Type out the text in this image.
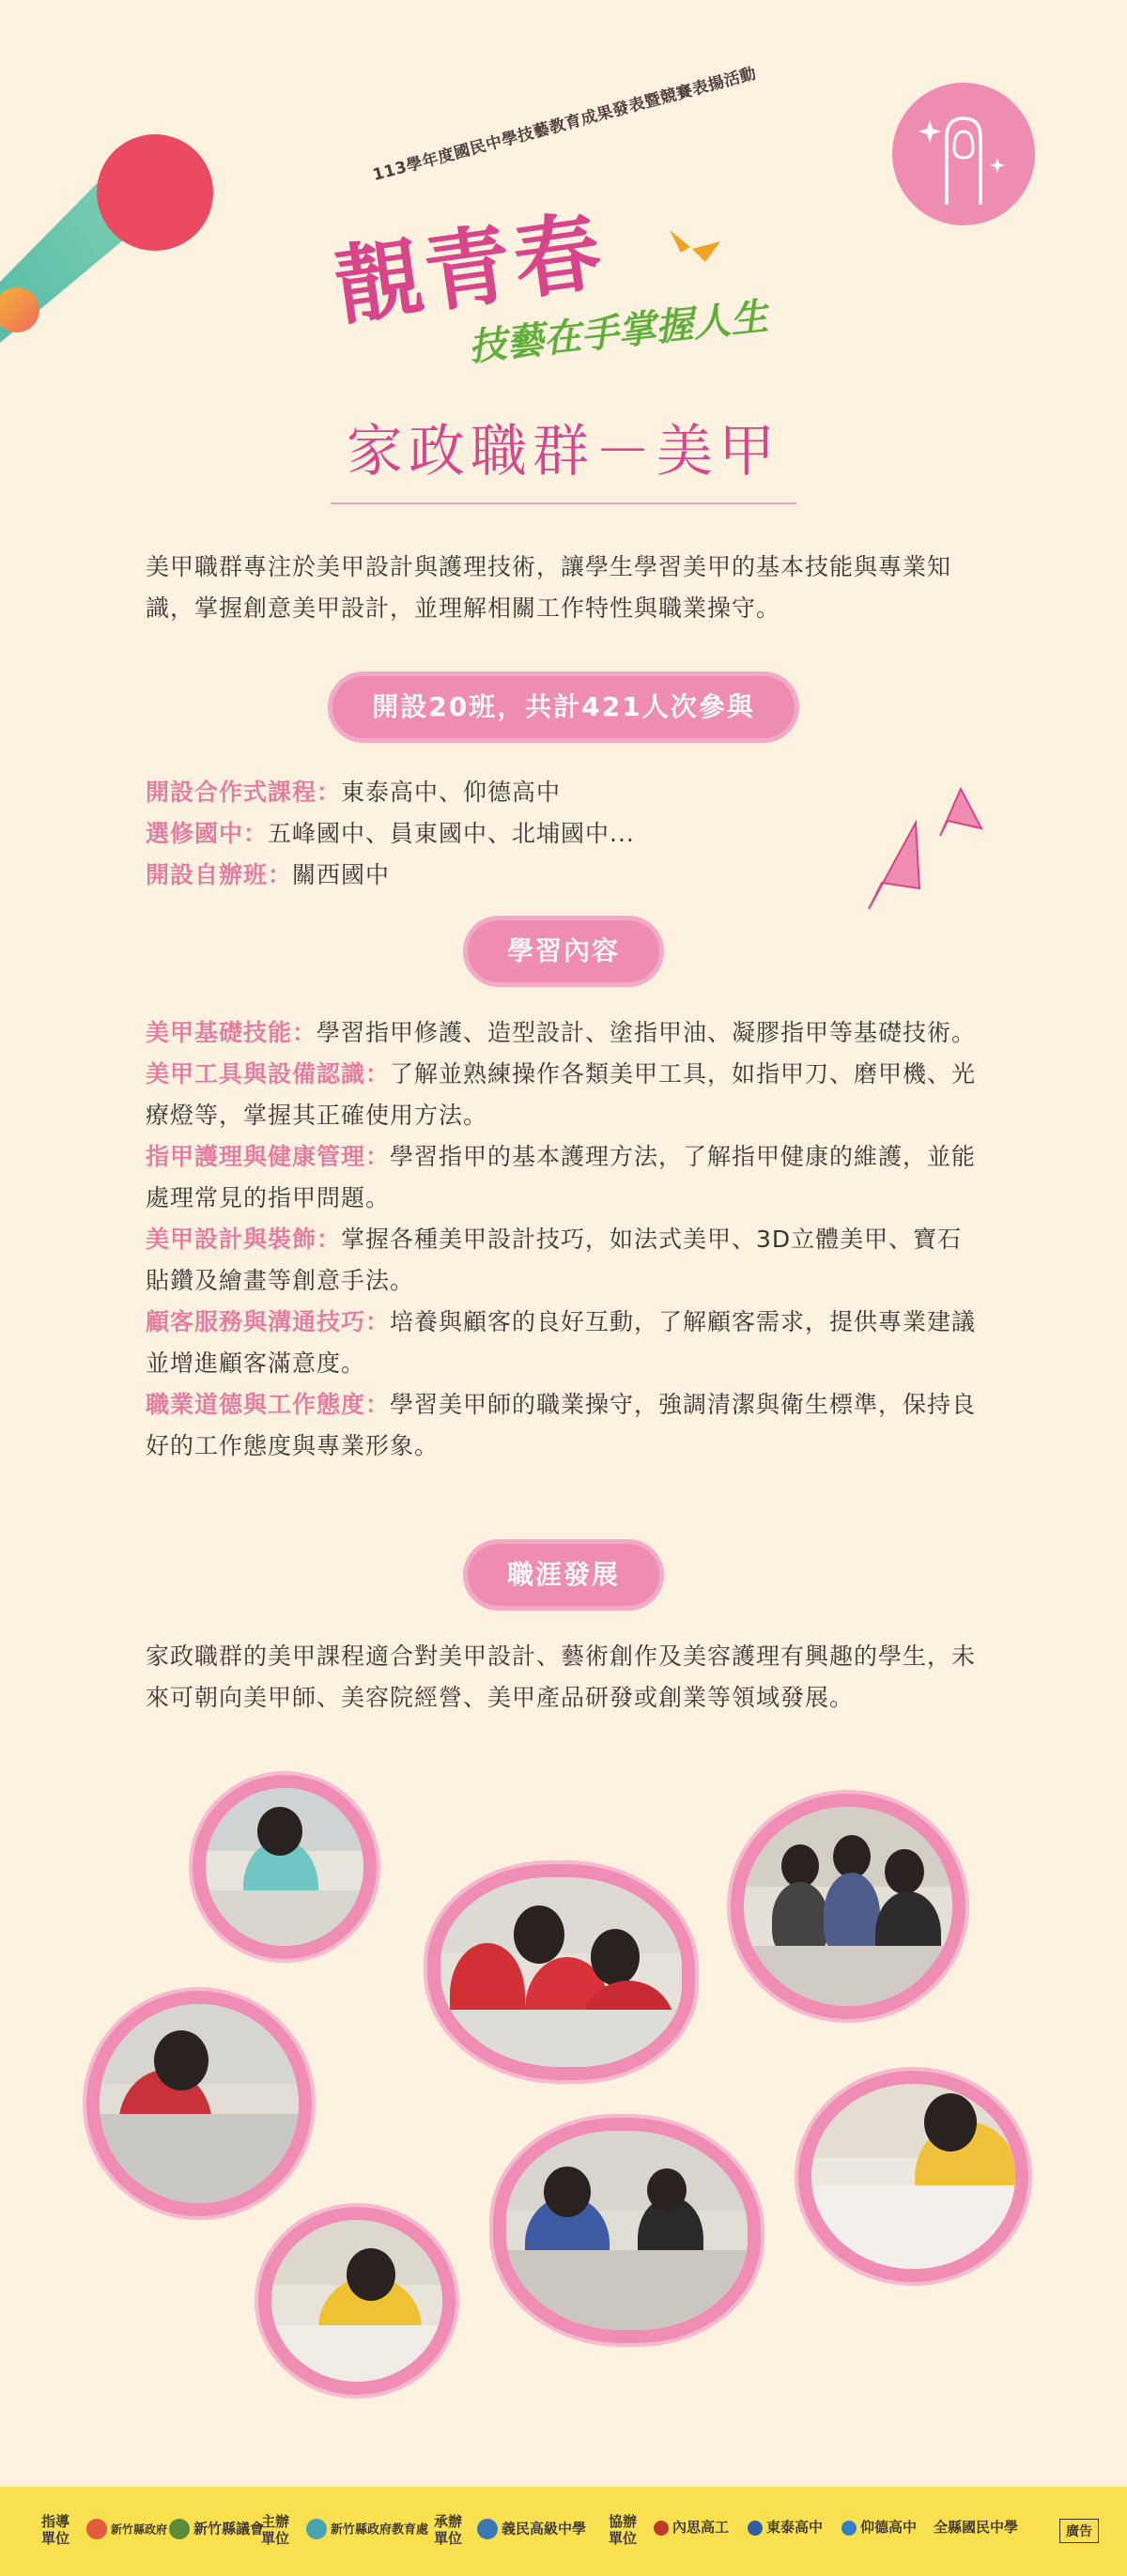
113學年度國民中學技藝教育成果發表暨競賽表揚活動
靚青春
技藝在手掌握人生
家政職群－美甲
美甲職群專注於美甲設計與護理技術，讓學生學習美甲的基本技能與專業知識，掌握創意美甲設計，並理解相關工作特性與職業操守。
開設20班，共計421人次參與
開設合作式課程：東泰高中、仰德高中
選修國中：五峰國中、員東國中、北埔國中...
開設自辦班：關西國中
學習內容
美甲基礎技能：學習指甲修護、造型設計、塗指甲油、凝膠指甲等基礎技術。
美甲工具與設備認識：了解並熟練操作各類美甲工具，如指甲刀、磨甲機、光療燈等，掌握其正確使用方法。
指甲護理與健康管理：學習指甲的基本護理方法，了解指甲健康的維護，並能處理常見的指甲問題。
美甲設計與裝飾：掌握各種美甲設計技巧，如法式美甲、3D立體美甲、寶石貼鑽及繪畫等創意手法。
顧客服務與溝通技巧：培養與顧客的良好互動，了解顧客需求，提供專業建議並增進顧客滿意度。
職業道德與工作態度：學習美甲師的職業操守，強調清潔與衛生標準，保持良好的工作態度與專業形象。
職涯發展
家政職群的美甲課程適合對美甲設計、藝術創作及美容護理有興趣的學生，未來可朝向美甲師、美容院經營、美甲產品研發或創業等領域發展。
指導單位
新竹縣政府	新竹縣議會
主辦單位	新竹縣政府教育處 承辦單位
義民高級中學 協辦單位
內思高工	東泰高中	仰德高中 全縣國民中學	廣告
